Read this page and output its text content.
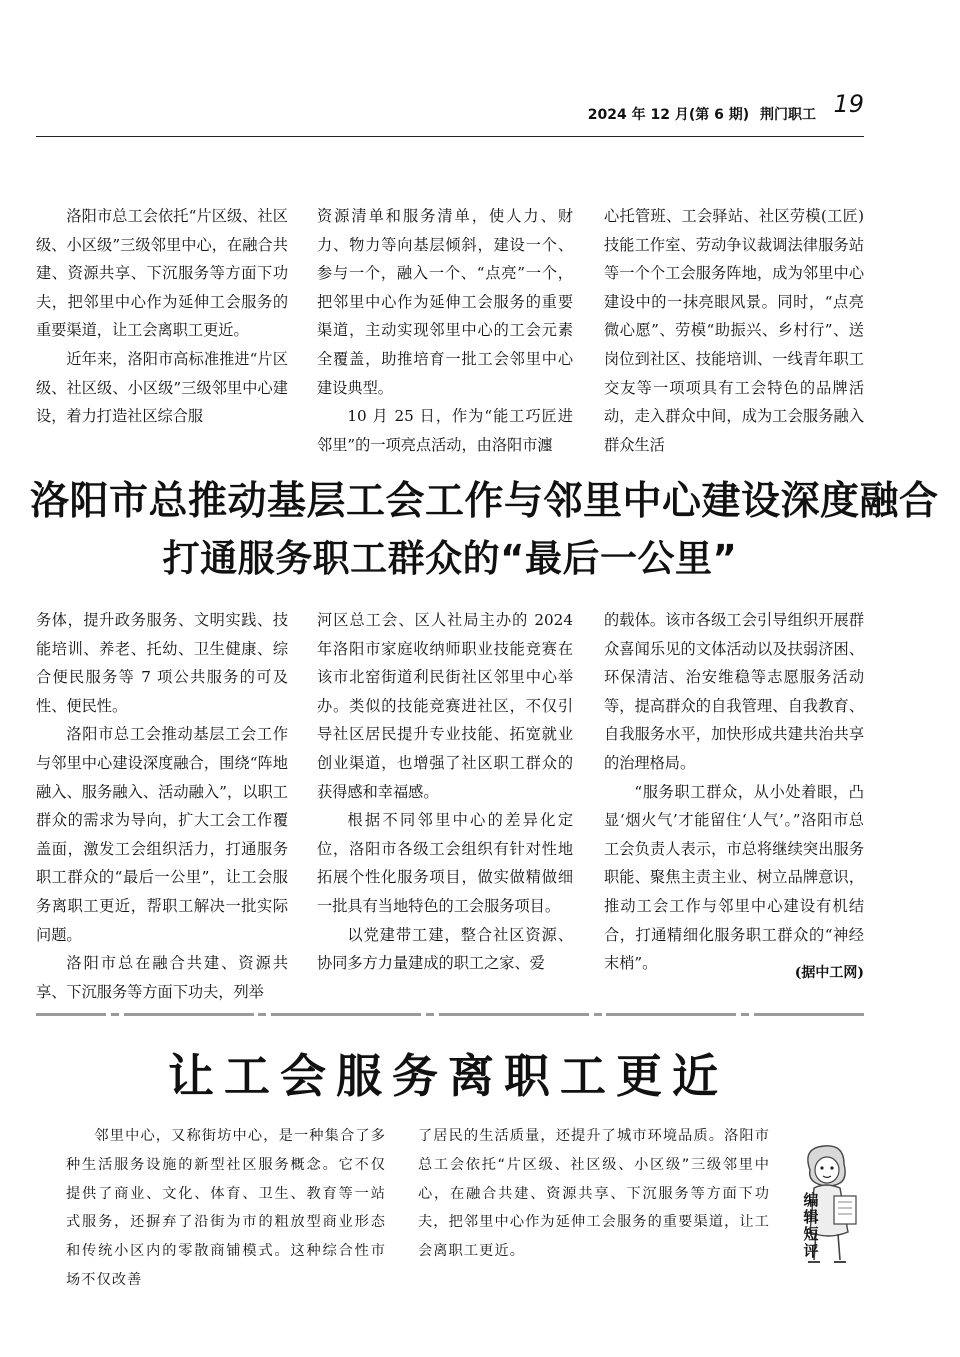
2024 年 12 月(第 6 期) 荆门职工 19

洛阳市总工会依托“片区级、社区级、小区级”三级邻里中心，在融合共建、资源共享、下沉服务等方面下功夫，把邻里中心作为延伸工会服务的重要渠道，让工会离职工更近。

近年来，洛阳市高标准推进“片区级、社区级、小区级”三级邻里中心建设，着力打造社区综合服

资源清单和服务清单，使人力、财力、物力等向基层倾斜，建设一个、参与一个，融入一个、“点亮”一个，把邻里中心作为延伸工会服务的重要渠道，主动实现邻里中心的工会元素全覆盖，助推培育一批工会邻里中心建设典型。

10 月 25 日，作为“能工巧匠进邻里”的一项亮点活动，由洛阳市瀍

心托管班、工会驿站、社区劳模(工匠)技能工作室、劳动争议裁调法律服务站等一个个工会服务阵地，成为邻里中心建设中的一抹亮眼风景。同时，“点亮微心愿”、劳模“助振兴、乡村行”、送岗位到社区、技能培训、一线青年职工交友等一项项具有工会特色的品牌活动，走入群众中间，成为工会服务融入群众生活

洛阳市总推动基层工会工作与邻里中心建设深度融合
打通服务职工群众的“最后一公里”

务体，提升政务服务、文明实践、技能培训、养老、托幼、卫生健康、综合便民服务等 7 项公共服务的可及性、便民性。

洛阳市总工会推动基层工会工作与邻里中心建设深度融合，围绕“阵地融入、服务融入、活动融入”，以职工群众的需求为导向，扩大工会工作覆盖面，激发工会组织活力，打通服务职工群众的“最后一公里”，让工会服务离职工更近，帮职工解决一批实际问题。

洛阳市总在融合共建、资源共享、下沉服务等方面下功夫，列举

河区总工会、区人社局主办的 2024 年洛阳市家庭收纳师职业技能竞赛在该市北窑街道利民街社区邻里中心举办。类似的技能竞赛进社区，不仅引导社区居民提升专业技能、拓宽就业创业渠道，也增强了社区职工群众的获得感和幸福感。

根据不同邻里中心的差异化定位，洛阳市各级工会组织有针对性地拓展个性化服务项目，做实做精做细一批具有当地特色的工会服务项目。

以党建带工建，整合社区资源、协同多方力量建成的职工之家、爱

的载体。该市各级工会引导组织开展群众喜闻乐见的文体活动以及扶弱济困、环保清洁、治安维稳等志愿服务活动等，提高群众的自我管理、自我教育、自我服务水平，加快形成共建共治共享的治理格局。

“服务职工群众，从小处着眼，凸显‘烟火气’才能留住‘人气’。”洛阳市总工会负责人表示，市总将继续突出服务职能、聚焦主责主业、树立品牌意识，推动工会工作与邻里中心建设有机结合，打通精细化服务职工群众的“神经末梢”。

(据中工网)
让工会服务离职工更近

邻里中心，又称街坊中心，是一种集合了多种生活服务设施的新型社区服务概念。它不仅提供了商业、文化、体育、卫生、教育等一站式服务，还摒弃了沿街为市的粗放型商业形态和传统小区内的零散商铺模式。这种综合性市场不仅改善

了居民的生活质量，还提升了城市环境品质。洛阳市总工会依托“片区级、社区级、小区级”三级邻里中心，在融合共建、资源共享、下沉服务等方面下功夫，把邻里中心作为延伸工会服务的重要渠道，让工会离职工更近。

编辑短评
